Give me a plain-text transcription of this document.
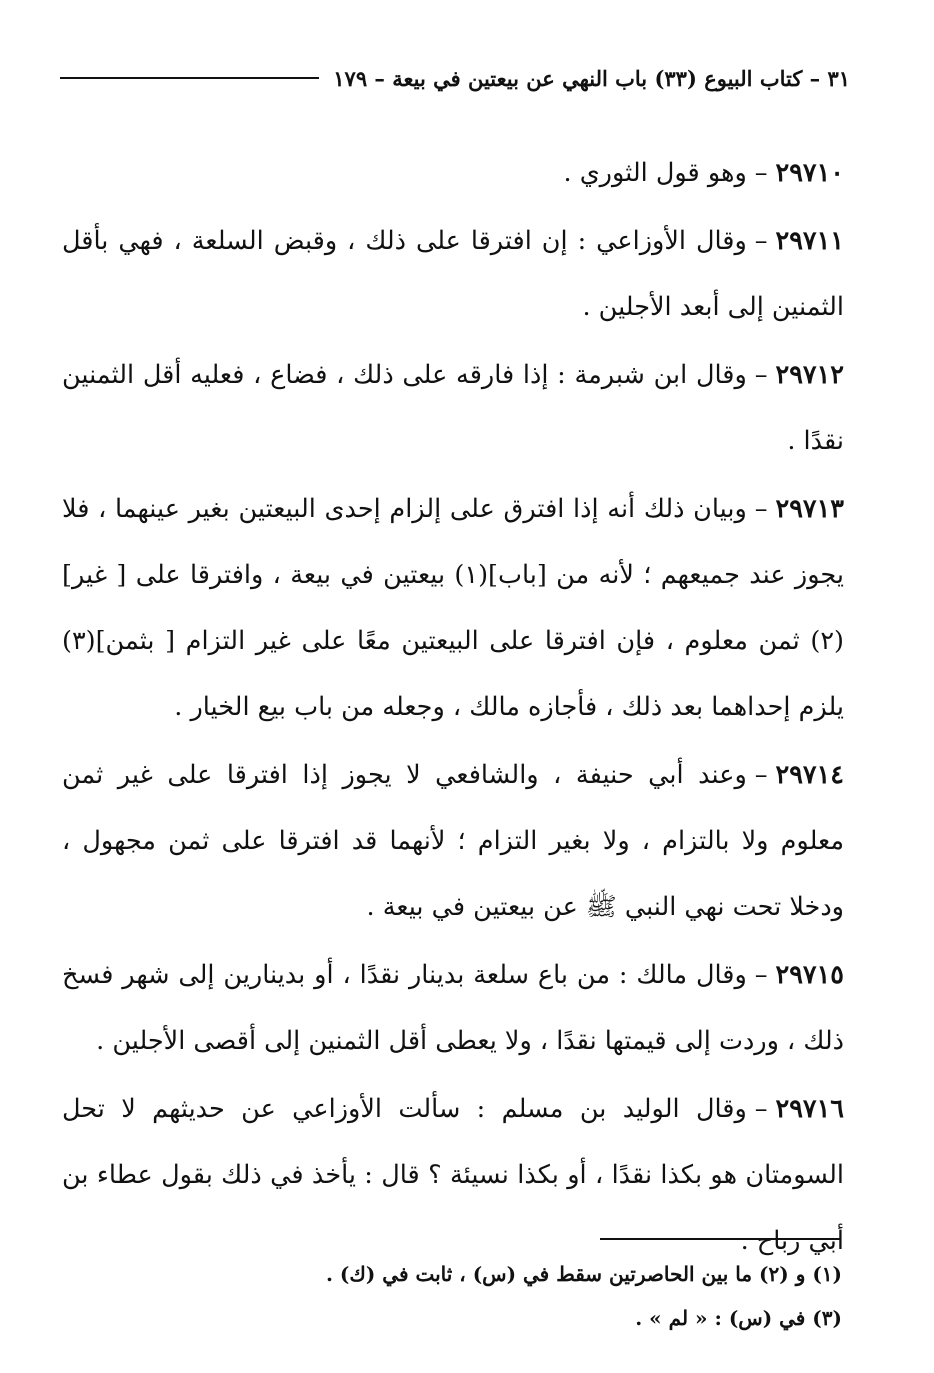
٣١ – كتاب البيوع (٣٣) باب النهي عن بيعتين في بيعة – ١٧٩

٢٩٧١٠–وهو قول الثوري .

٢٩٧١١–وقال الأوزاعي : إن افترقا على ذلك ، وقبض السلعة ، فهي بأقل الثمنين إلى أبعد الأجلين .

٢٩٧١٢–وقال ابن شبرمة : إذا فارقه على ذلك ، فضاع ، فعليه أقل الثمنين نقدًا .

٢٩٧١٣–وبيان ذلك أنه إذا افترق على إلزام إحدى البيعتين بغير عينهما ، فلا يجوز عند جميعهم ؛ لأنه من [باب](١) بيعتين في بيعة ، وافترقا على [ غير](٢) ثمن معلوم ، فإن افترقا على البيعتين معًا على غير التزام [ بثمن](٣) يلزم إحداهما بعد ذلك ، فأجازه مالك ، وجعله من باب بيع الخيار .

٢٩٧١٤–وعند أبي حنيفة ، والشافعي لا يجوز إذا افترقا على غير ثمن معلوم ولا بالتزام ، ولا بغير التزام ؛ لأنهما قد افترقا على ثمن مجهول ، ودخلا تحت نهي النبي ﷺ عن بيعتين في بيعة .

٢٩٧١٥–وقال مالك : من باع سلعة بدينار نقدًا ، أو بدينارين إلى شهر فسخ ذلك ، وردت إلى قيمتها نقدًا ، ولا يعطى أقل الثمنين إلى أقصى الأجلين .

٢٩٧١٦–وقال الوليد بن مسلم : سألت الأوزاعي عن حديثهم لا تحل السومتان هو بكذا نقدًا ، أو بكذا نسيئة ؟ قال : يأخذ في ذلك بقول عطاء بن أبي رباح .

(١) و (٢) ما بين الحاصرتين سقط في (س) ، ثابت في (ك) .
(٣) في (س) : « لم » .
